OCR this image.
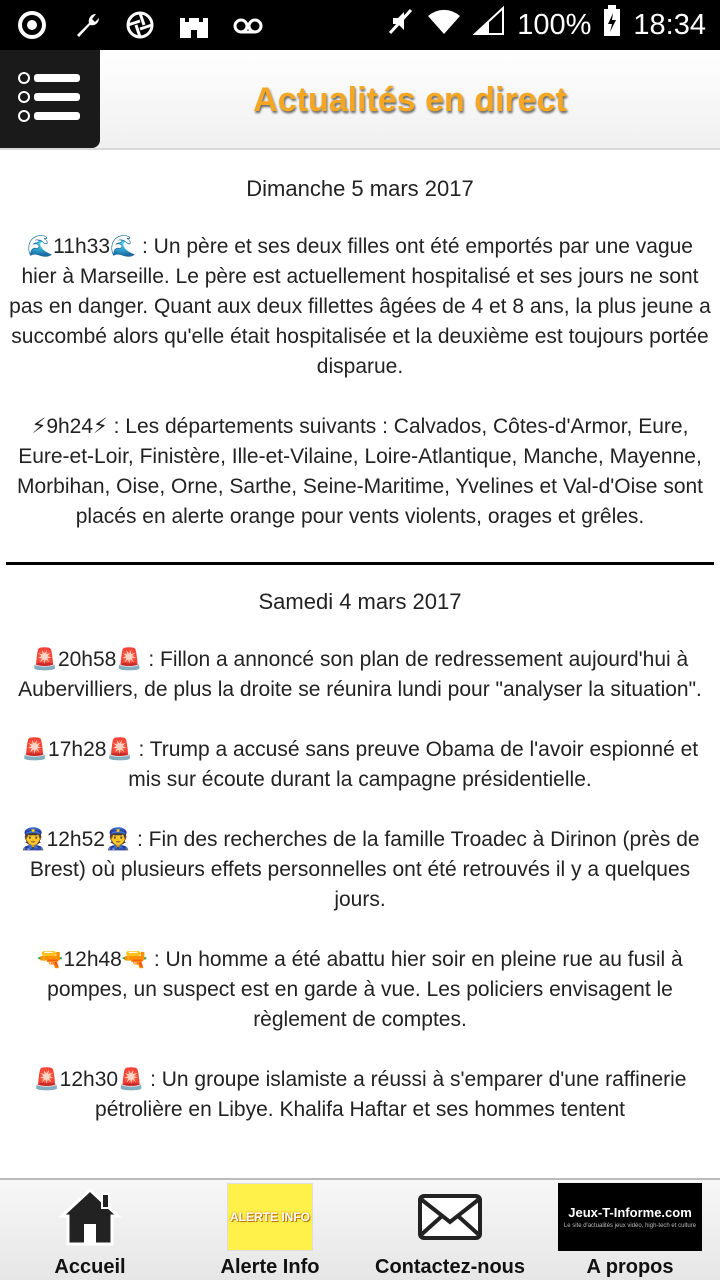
100% 18:34
Actualités en direct
Dimanche 5 mars 2017

🌊11h33🌊 : Un père et ses deux filles ont été emportés par une vague hier à Marseille. Le père est actuellement hospitalisé et ses jours ne sont pas en danger. Quant aux deux fillettes âgées de 4 et 8 ans, la plus jeune a succombé alors qu'elle était hospitalisée et la deuxième est toujours portée disparue.

⚡9h24⚡ : Les départements suivants : Calvados, Côtes-d'Armor, Eure, Eure-et-Loir, Finistère, Ille-et-Vilaine, Loire-Atlantique, Manche, Mayenne, Morbihan, Oise, Orne, Sarthe, Seine-Maritime, Yvelines et Val-d'Oise sont placés en alerte orange pour vents violents, orages et grêles.

Samedi 4 mars 2017

🚨20h58🚨 : Fillon a annoncé son plan de redressement aujourd'hui à Aubervilliers, de plus la droite se réunira lundi pour "analyser la situation".

🚨17h28🚨 : Trump a accusé sans preuve Obama de l'avoir espionné et mis sur écoute durant la campagne présidentielle.

👮12h52👮 : Fin des recherches de la famille Troadec à Dirinon (près de Brest) où plusieurs effets personnelles ont été retrouvés il y a quelques jours.

🔫12h48🔫 : Un homme a été abattu hier soir en pleine rue au fusil à pompes, un suspect est en garde à vue. Les policiers envisagent le règlement de comptes.

🚨12h30🚨 : Un groupe islamiste a réussi à s'emparer d'une raffinerie pétrolière en Libye. Khalifa Haftar et ses hommes tentent

Accueil
ALERTE INFO
Alerte Info	Contactez-nous
Jeux-T-Informe.com
Le site d'actualités jeux vidéo, high-tech et culture
A propos
